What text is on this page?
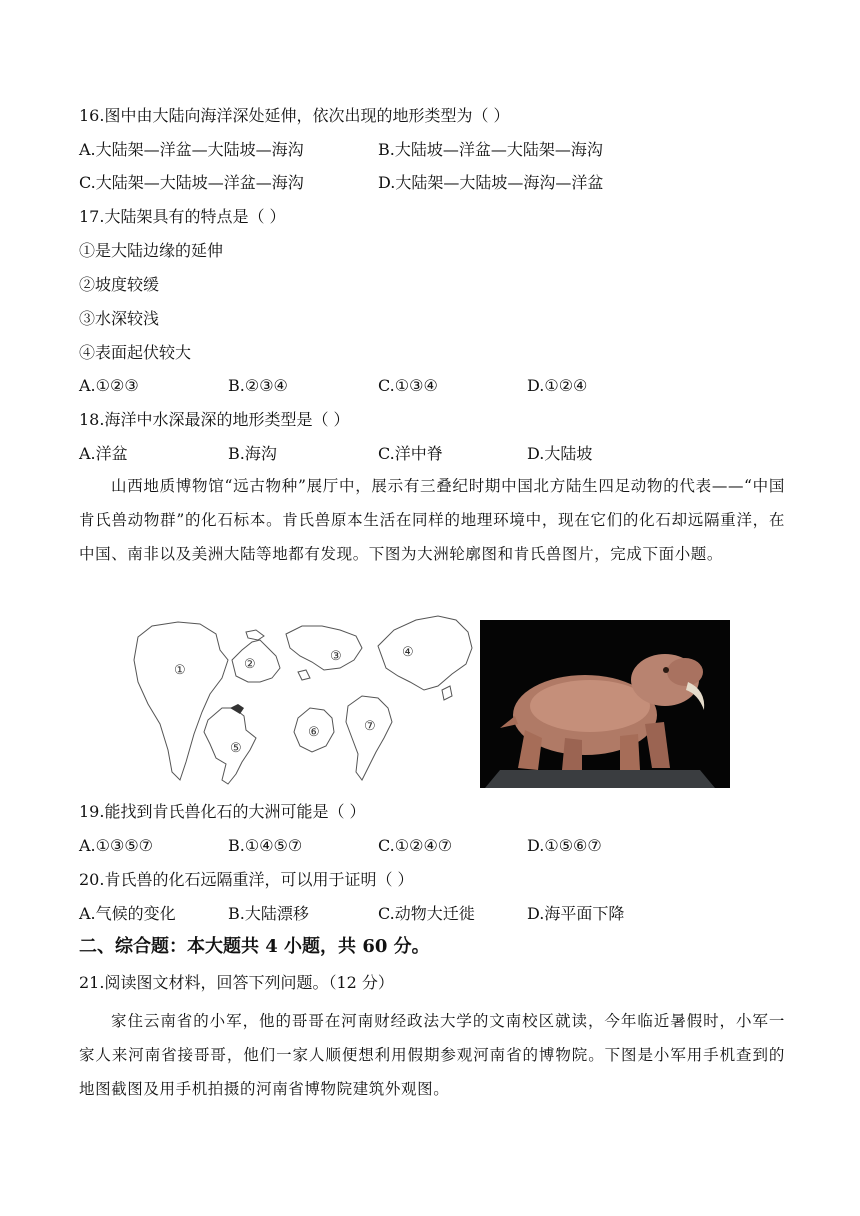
16.图中由大陆向海洋深处延伸，依次出现的地形类型为（ ）
A.大陆架—洋盆—大陆坡—海沟	B.大陆坡—洋盆—大陆架—海沟
C.大陆架—大陆坡—洋盆—海沟	D.大陆架—大陆坡—海沟—洋盆
17.大陆架具有的特点是（ ）
①是大陆边缘的延伸
②坡度较缓
③水深较浅
④表面起伏较大
A.①②③	B.②③④	C.①③④	D.①②④
18.海洋中水深最深的地形类型是（ ）
A.洋盆	B.海沟	C.洋中脊	D.大陆坡
山西地质博物馆“远古物种”展厅中，展示有三叠纪时期中国北方陆生四足动物的代表——“中国肯氏兽动物群”的化石标本。肯氏兽原本生活在同样的地理环境中，现在它们的化石却远隔重洋，在中国、南非以及美洲大陆等地都有发现。下图为大洲轮廓图和肯氏兽图片，完成下面小题。
①	②
③	④
⑤
⑥	⑦
19.能找到肯氏兽化石的大洲可能是（ ）
A.①③⑤⑦	B.①④⑤⑦	C.①②④⑦	D.①⑤⑥⑦
20.肯氏兽的化石远隔重洋，可以用于证明（ ）
A.气候的变化	B.大陆漂移	C.动物大迁徙	D.海平面下降
二、综合题：本大题共 4 小题，共 60 分。
21.阅读图文材料，回答下列问题。（12 分）
家住云南省的小军，他的哥哥在河南财经政法大学的文南校区就读，今年临近暑假时，小军一家人来河南省接哥哥，他们一家人顺便想利用假期参观河南省的博物院。下图是小军用手机查到的地图截图及用手机拍摄的河南省博物院建筑外观图。
